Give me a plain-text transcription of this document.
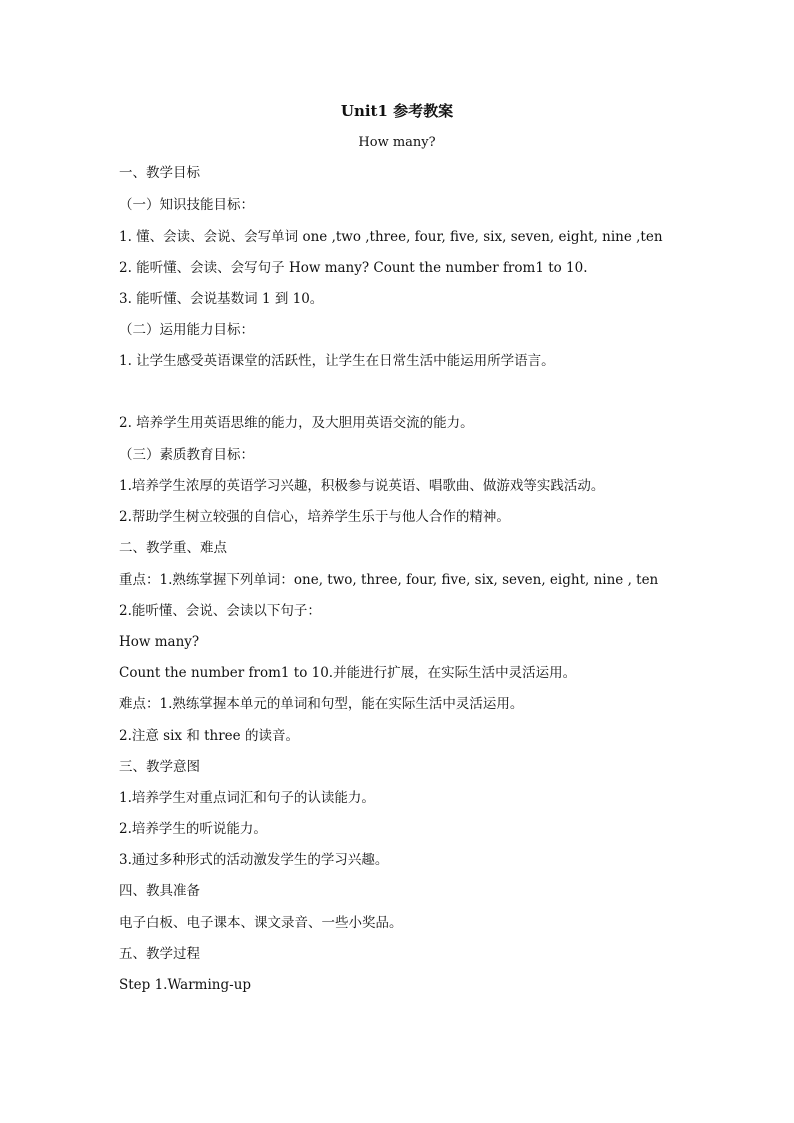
Unit1 参考教案
How many?
一、教学目标
（一）知识技能目标：
1. 懂、会读、会说、会写单词 one ,two ,three, four, five, six, seven, eight, nine ,ten
2. 能听懂、会读、会写句子 How many? Count the number from1 to 10.
3. 能听懂、会说基数词 1 到 10。
（二）运用能力目标：
1. 让学生感受英语课堂的活跃性，让学生在日常生活中能运用所学语言。
2. 培养学生用英语思维的能力，及大胆用英语交流的能力。
（三）素质教育目标：
1.培养学生浓厚的英语学习兴趣，积极参与说英语、唱歌曲、做游戏等实践活动。
2.帮助学生树立较强的自信心，培养学生乐于与他人合作的精神。
二、教学重、难点
重点：1.熟练掌握下列单词：one, two, three, four, five, six, seven, eight, nine , ten
2.能听懂、会说、会读以下句子：
How many?
Count the number from1 to 10.并能进行扩展，在实际生活中灵活运用。
难点：1.熟练掌握本单元的单词和句型，能在实际生活中灵活运用。
2.注意 six 和 three 的读音。
三、教学意图
1.培养学生对重点词汇和句子的认读能力。
2.培养学生的听说能力。
3.通过多种形式的活动激发学生的学习兴趣。
四、教具准备
电子白板、电子课本、课文录音、一些小奖品。
五、教学过程
Step 1.Warming-up
